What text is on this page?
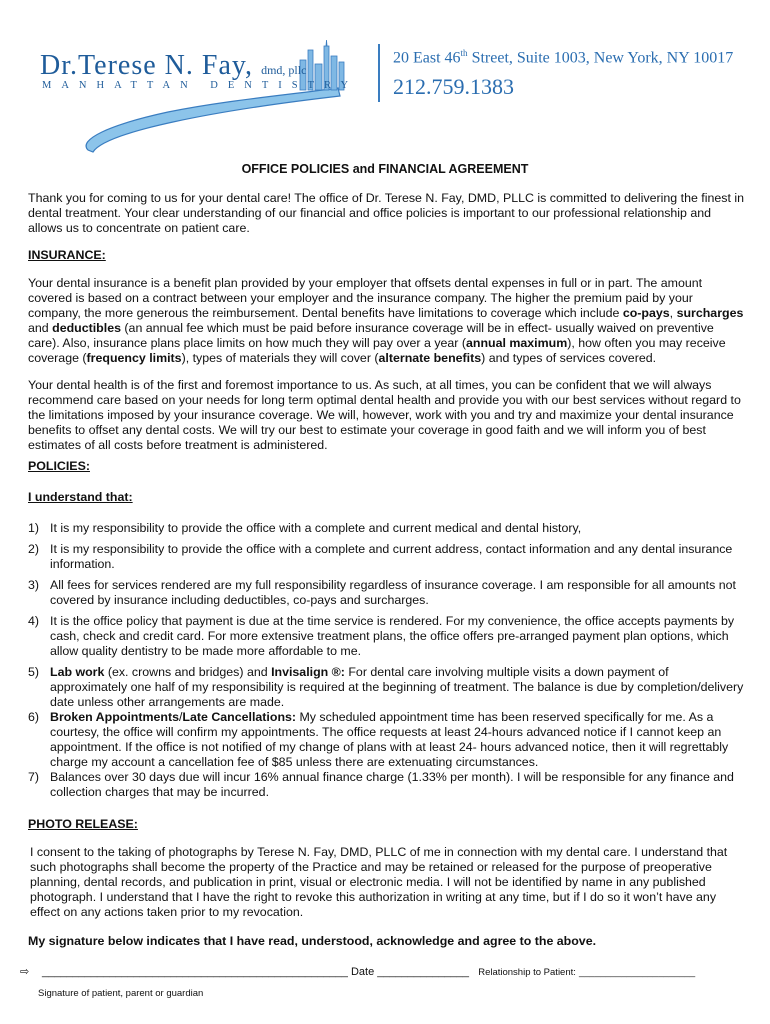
Dr.Terese N. Fay, dmd, pllc
MANHATTAN DENTISTRY
20 East 46th Street, Suite 1003, New York, NY 10017
212.759.1383
OFFICE POLICIES and FINANCIAL AGREEMENT

Thank you for coming to us for your dental care! The office of Dr. Terese N. Fay, DMD, PLLC is committed to delivering the finest in dental treatment. Your clear understanding of our financial and office policies is important to our professional relationship and allows us to concentrate on patient care.

INSURANCE:

Your dental insurance is a benefit plan provided by your employer that offsets dental expenses in full or in part. The amount covered is based on a contract between your employer and the insurance company. The higher the premium paid by your company, the more generous the reimbursement. Dental benefits have limitations to coverage which include co-pays, surcharges and deductibles (an annual fee which must be paid before insurance coverage will be in effect- usually waived on preventive care). Also, insurance plans place limits on how much they will pay over a year (annual maximum), how often you may receive coverage (frequency limits), types of materials they will cover (alternate benefits) and types of services covered.

Your dental health is of the first and foremost importance to us. As such, at all times, you can be confident that we will always recommend care based on your needs for long term optimal dental health and provide you with our best services without regard to the limitations imposed by your insurance coverage. We will, however, work with you and try and maximize your dental insurance benefits to offset any dental costs. We will try our best to estimate your coverage in good faith and we will inform you of best estimates of all costs before treatment is administered.

POLICIES:
I understand that:
1) It is my responsibility to provide the office with a complete and current medical and dental history,
2) It is my responsibility to provide the office with a complete and current address, contact information and any dental insurance information.
3) All fees for services rendered are my full responsibility regardless of insurance coverage. I am responsible for all amounts not covered by insurance including deductibles, co-pays and surcharges.
4) It is the office policy that payment is due at the time service is rendered. For my convenience, the office accepts payments by cash, check and credit card. For more extensive treatment plans, the office offers pre-arranged payment plan options, which allow quality dentistry to be made more affordable to me.
5) Lab work (ex. crowns and bridges) and Invisalign ®: For dental care involving multiple visits a down payment of approximately one half of my responsibility is required at the beginning of treatment. The balance is due by completion/delivery date unless other arrangements are made.
6) Broken Appointments/Late Cancellations: My scheduled appointment time has been reserved specifically for me. As a courtesy, the office will confirm my appointments. The office requests at least 24-hours advanced notice if I cannot keep an appointment. If the office is not notified of my change of plans with at least 24- hours advanced notice, then it will regrettably charge my account a cancellation fee of $85 unless there are extenuating circumstances.
7) Balances over 30 days due will incur 16% annual finance charge (1.33% per month). I will be responsible for any finance and collection charges that may be incurred.
PHOTO RELEASE:

I consent to the taking of photographs by Terese N. Fay, DMD, PLLC of me in connection with my dental care. I understand that such photographs shall become the property of the Practice and may be retained or released for the purpose of preoperative planning, dental records, and publication in print, visual or electronic media. I will not be identified by name in any published photograph. I understand that I have the right to revoke this authorization in writing at any time, but if I do so it won’t have any effect on any actions taken prior to my revocation.

My signature below indicates that I have read, understood, acknowledge and agree to the above.
⇨ __________________________________________________ Date _______________ Relationship to Patient: ______________________
Signature of patient, parent or guardian
